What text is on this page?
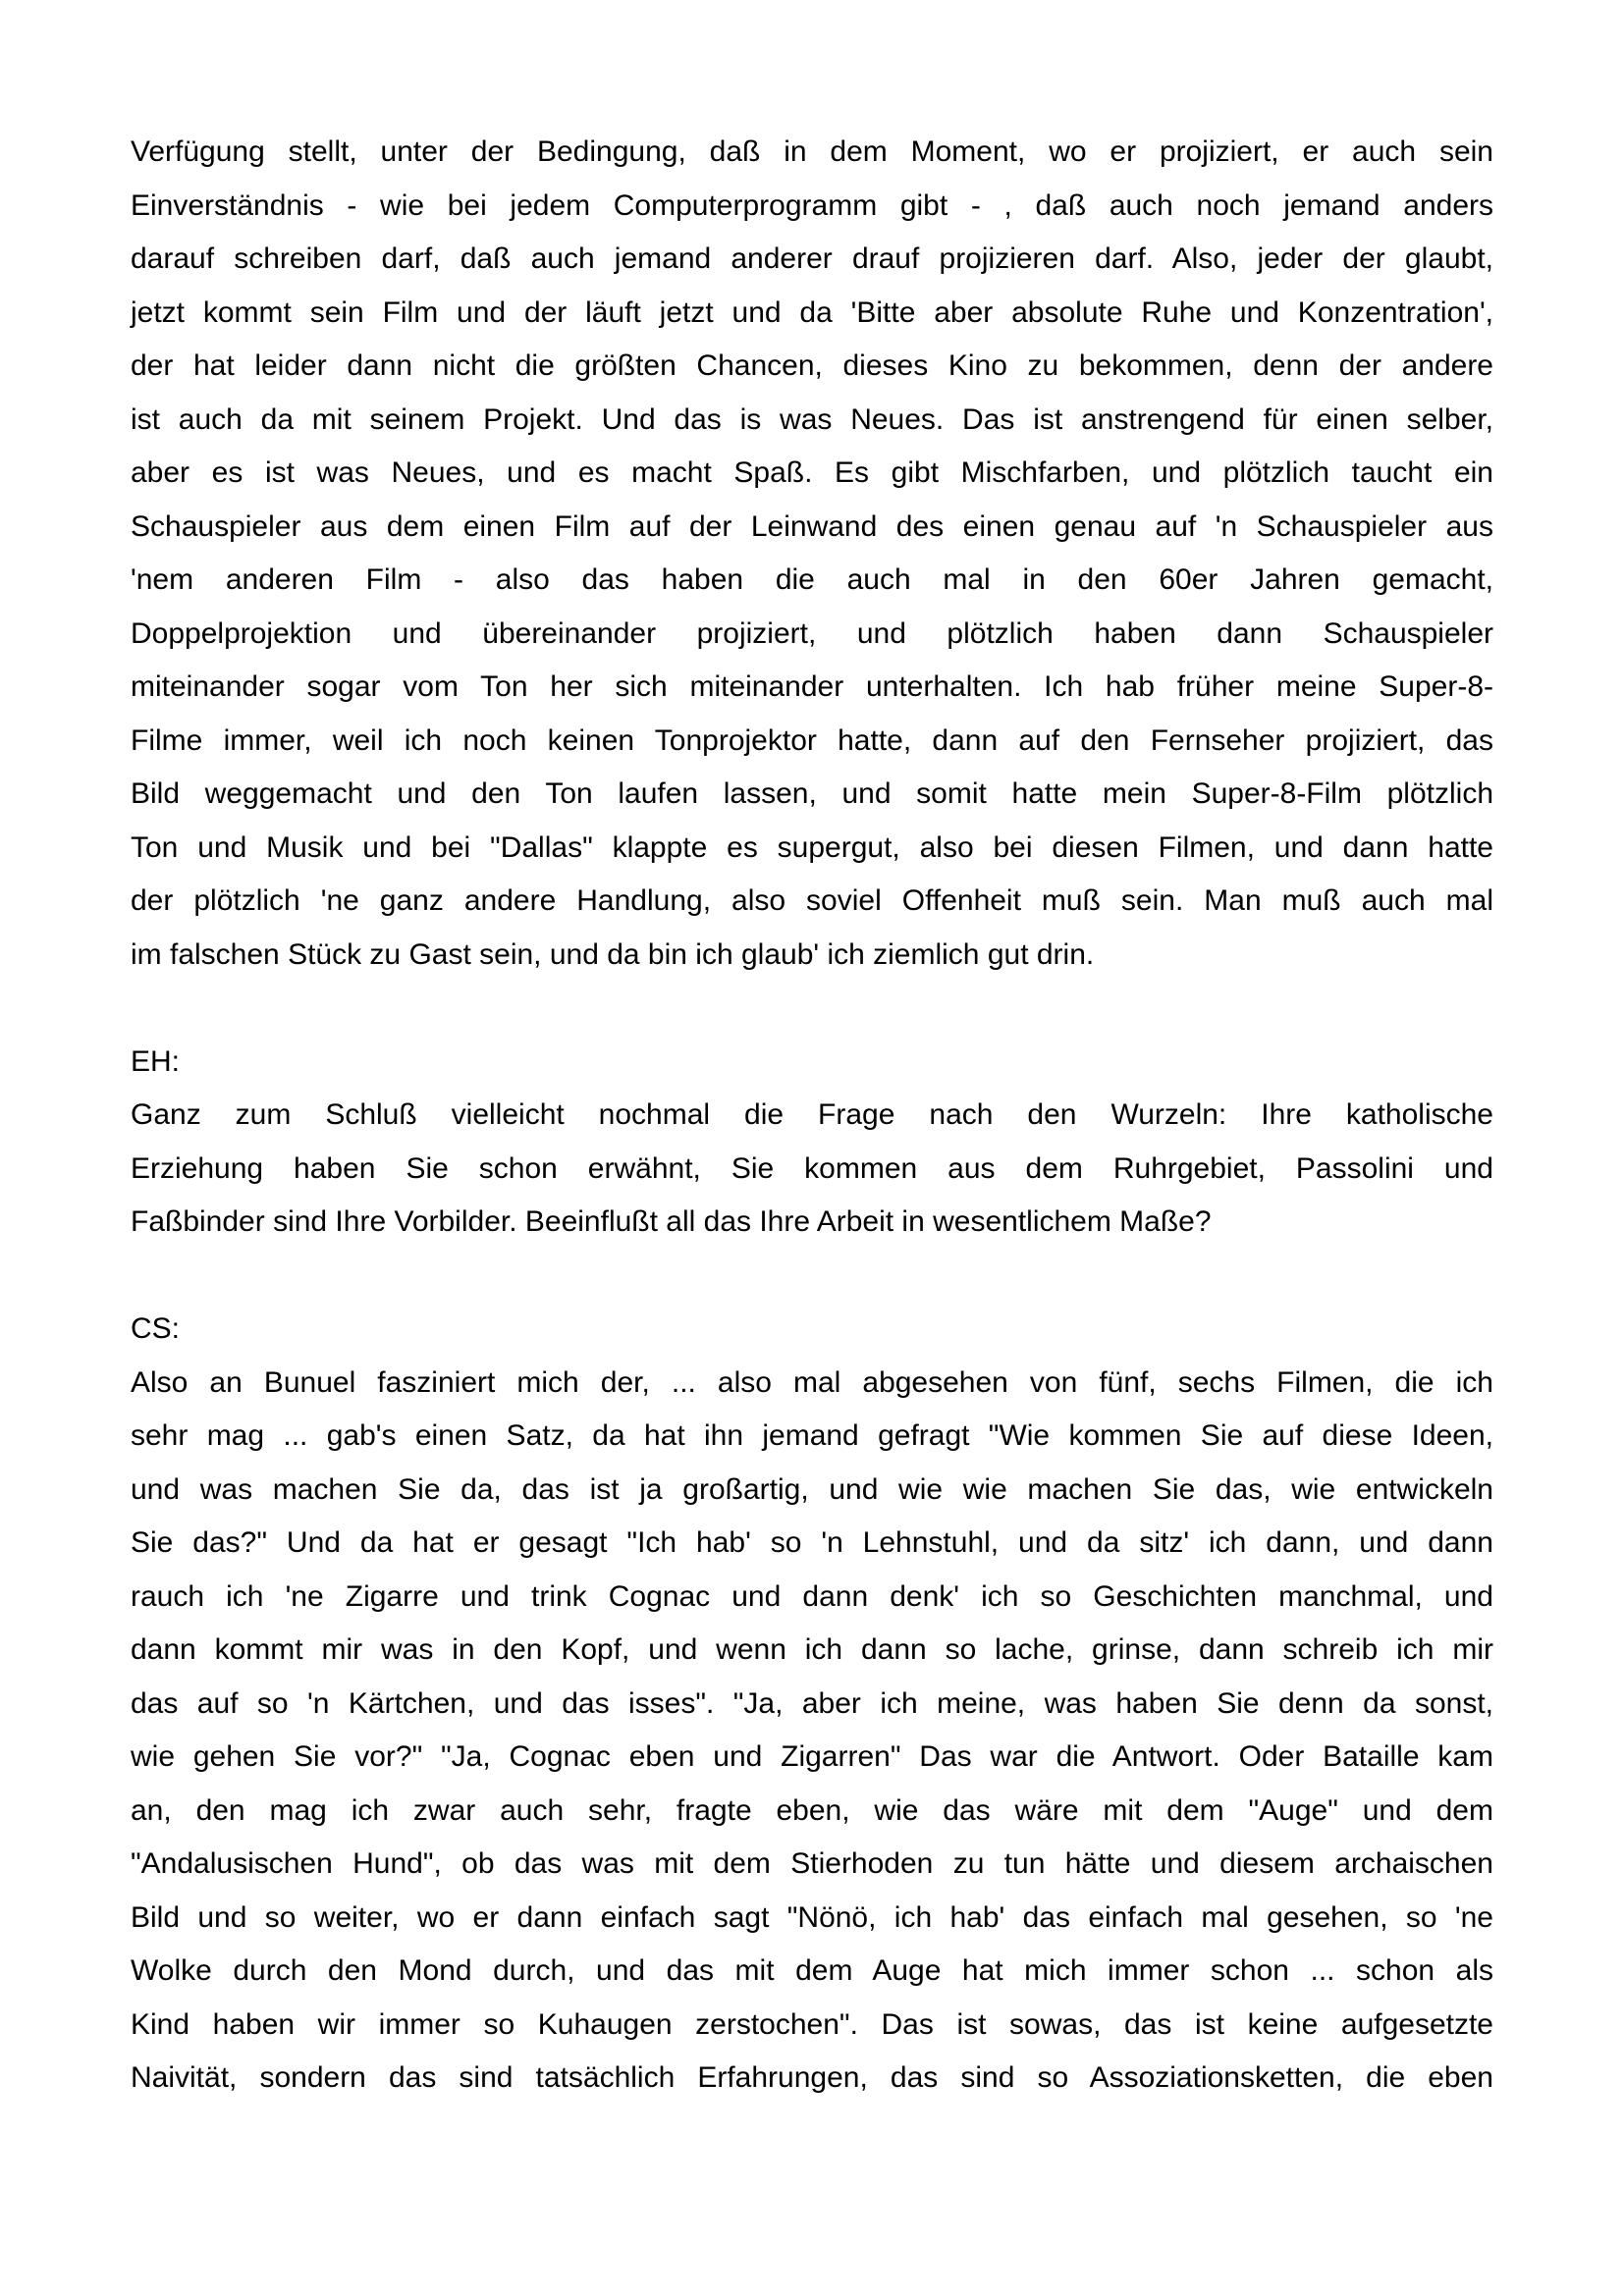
Verfügung stellt, unter der Bedingung, daß in dem Moment, wo er projiziert, er auch sein
Einverständnis - wie bei jedem Computerprogramm gibt - , daß auch noch jemand anders
darauf schreiben darf, daß auch jemand anderer drauf projizieren darf. Also, jeder der glaubt,
jetzt kommt sein Film und der läuft jetzt und da 'Bitte aber absolute Ruhe und Konzentration',
der hat leider dann nicht die größten Chancen, dieses Kino zu bekommen, denn der andere
ist auch da mit seinem Projekt. Und das is was Neues. Das ist anstrengend für einen selber,
aber es ist was Neues, und es macht Spaß. Es gibt Mischfarben, und plötzlich taucht ein
Schauspieler aus dem einen Film auf der Leinwand des einen genau auf 'n Schauspieler aus
'nem anderen Film - also das haben die auch mal in den 60er Jahren gemacht,
Doppelprojektion und übereinander projiziert, und plötzlich haben dann Schauspieler
miteinander sogar vom Ton her sich miteinander unterhalten. Ich hab früher meine Super-8-
Filme immer, weil ich noch keinen Tonprojektor hatte, dann auf den Fernseher projiziert, das
Bild weggemacht und den Ton laufen lassen, und somit hatte mein Super-8-Film plötzlich
Ton und Musik und bei "Dallas" klappte es supergut, also bei diesen Filmen, und dann hatte
der plötzlich 'ne ganz andere Handlung, also soviel Offenheit muß sein. Man muß auch mal
im falschen Stück zu Gast sein, und da bin ich glaub' ich ziemlich gut drin.
EH:
Ganz zum Schluß vielleicht nochmal die Frage nach den Wurzeln: Ihre katholische
Erziehung haben Sie schon erwähnt, Sie kommen aus dem Ruhrgebiet, Passolini und
Faßbinder sind Ihre Vorbilder. Beeinflußt all das Ihre Arbeit in wesentlichem Maße?
CS:
Also an Bunuel fasziniert mich der, ... also mal abgesehen von fünf, sechs Filmen, die ich
sehr mag ... gab's einen Satz, da hat ihn jemand gefragt "Wie kommen Sie auf diese Ideen,
und was machen Sie da, das ist ja großartig, und wie wie machen Sie das, wie entwickeln
Sie das?" Und da hat er gesagt "Ich hab' so 'n Lehnstuhl, und da sitz' ich dann, und dann
rauch ich 'ne Zigarre und trink Cognac und dann denk' ich so Geschichten manchmal, und
dann kommt mir was in den Kopf, und wenn ich dann so lache, grinse, dann schreib ich mir
das auf so 'n Kärtchen, und das isses". "Ja, aber ich meine, was haben Sie denn da sonst,
wie gehen Sie vor?" "Ja, Cognac eben und Zigarren" Das war die Antwort. Oder Bataille kam
an, den mag ich zwar auch sehr, fragte eben, wie das wäre mit dem "Auge" und dem
"Andalusischen Hund", ob das was mit dem Stierhoden zu tun hätte und diesem archaischen
Bild und so weiter, wo er dann einfach sagt "Nönö, ich hab' das einfach mal gesehen, so 'ne
Wolke durch den Mond durch, und das mit dem Auge hat mich immer schon ... schon als
Kind haben wir immer so Kuhaugen zerstochen". Das ist sowas, das ist keine aufgesetzte
Naivität, sondern das sind tatsächlich Erfahrungen, das sind so Assoziationsketten, die eben
